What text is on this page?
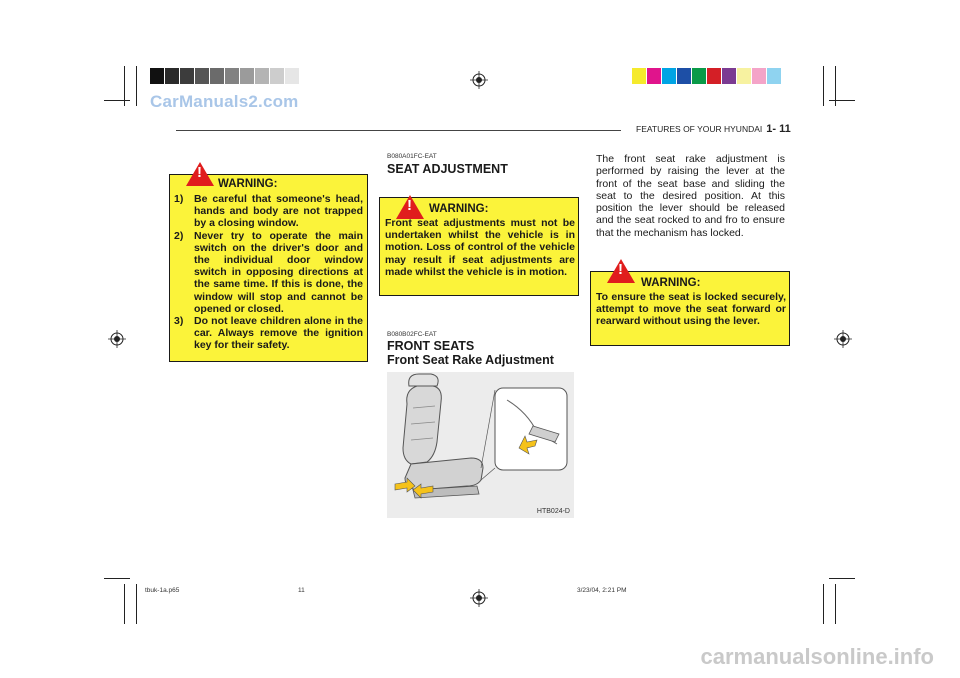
CarManuals2.com
FEATURES OF YOUR HYUNDAI 1- 11
!
WARNING:
1) Be careful that someone's head, hands and body are not trapped by a closing window.
2) Never try to operate the main switch on the driver's door and the individual door window switch in opposing directions at the same time. If this is done, the window will stop and cannot be opened or closed.
3) Do not leave children alone in the car. Always remove the ignition key for their safety.
B080A01FC-EAT
SEAT ADJUSTMENT
! WARNING:
Front seat adjustments must not be undertaken whilst the vehicle is in motion. Loss of control of the vehicle may result if seat adjustments are made whilst the vehicle is in motion.
B080B02FC-EAT
FRONT SEATS
Front Seat Rake Adjustment
HTB024-D
The front seat rake adjustment is performed by raising the lever at the front of the seat base and sliding the seat to the desired position. At this position the lever should be released and the seat rocked to and fro to ensure that the mechanism has locked.
!
WARNING:
To ensure the seat is locked securely, attempt to move the seat forward or rearward without using the lever.
tbuk-1a.p65	11	3/23/04, 2:21 PM
carmanualsonline.info
